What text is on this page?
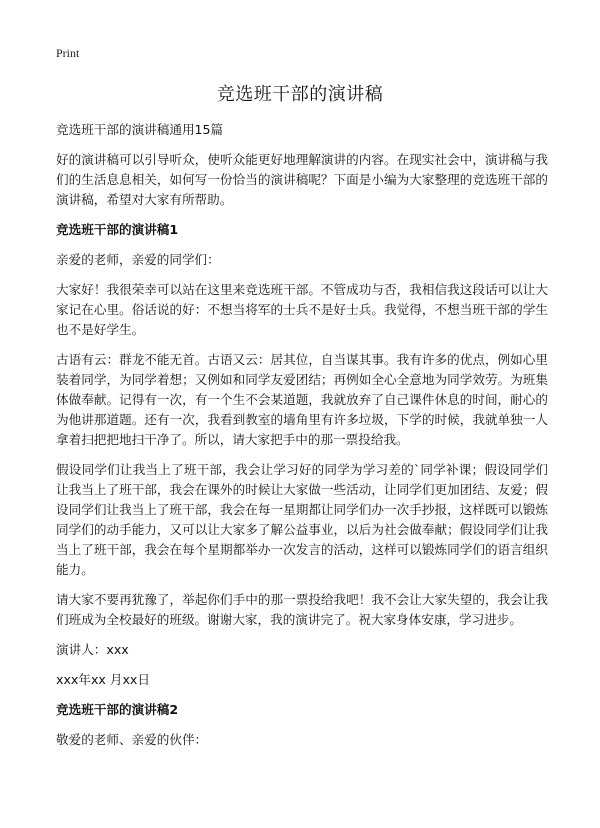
Print
竞选班干部的演讲稿

竞选班干部的演讲稿通用15篇

好的演讲稿可以引导听众，使听众能更好地理解演讲的内容。在现实社会中，演讲稿与我们的生活息息相关，如何写一份恰当的演讲稿呢？下面是小编为大家整理的竞选班干部的演讲稿，希望对大家有所帮助。

竞选班干部的演讲稿1

亲爱的老师，亲爱的同学们：

大家好！我很荣幸可以站在这里来竞选班干部。不管成功与否，我相信我这段话可以让大家记在心里。俗话说的好：不想当将军的士兵不是好士兵。我觉得，不想当班干部的学生也不是好学生。

古语有云：群龙不能无首。古语又云：居其位，自当谋其事。我有许多的优点，例如心里装着同学，为同学着想；又例如和同学友爱团结；再例如全心全意地为同学效劳。为班集体做奉献。记得有一次，有一个生不会某道题，我就放弃了自己课件休息的时间，耐心的为他讲那道题。还有一次，我看到教室的墙角里有许多垃圾，下学的时候，我就单独一人拿着扫把把地扫干净了。所以，请大家把手中的那一票投给我。

假设同学们让我当上了班干部，我会让学习好的同学为学习差的`同学补课；假设同学们让我当上了班干部，我会在课外的时候让大家做一些活动，让同学们更加团结、友爱；假设同学们让我当上了班干部，我会在每一星期都让同学们办一次手抄报，这样既可以锻炼同学们的动手能力，又可以让大家多了解公益事业，以后为社会做奉献；假设同学们让我当上了班干部，我会在每个星期都举办一次发言的活动，这样可以锻炼同学们的语言组织能力。

请大家不要再犹豫了，举起你们手中的那一票投给我吧！我不会让大家失望的，我会让我们班成为全校最好的班级。谢谢大家，我的演讲完了。祝大家身体安康，学习进步。

演讲人：xxx

xxx年xx 月xx日

竞选班干部的演讲稿2

敬爱的老师、亲爱的伙伴：
